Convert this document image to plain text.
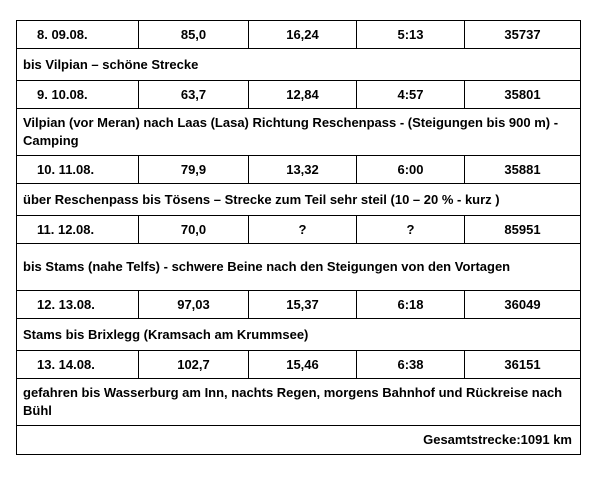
8. 09.08.	85,0	16,24	5:13	35737
bis Vilpian – schöne Strecke				
9. 10.08.	63,7	12,84	4:57	35801
Vilpian (vor Meran) nach Laas (Lasa) Richtung Reschenpass - (Steigungen bis 900 m) - Camping				
10. 11.08.	79,9	13,32	6:00	35881
über Reschenpass bis Tösens – Strecke zum Teil sehr steil (10 – 20 % - kurz )				
11. 12.08.	70,0	?	?	85951
bis Stams (nahe Telfs) - schwere Beine nach den Steigungen von den Vortagen				
12. 13.08.	97,03	15,37	6:18	36049
Stams bis Brixlegg (Kramsach am Krummsee)				
13. 14.08.	102,7	15,46	6:38	36151
gefahren bis Wasserburg am Inn, nachts Regen, morgens Bahnhof und Rückreise nach Bühl				
Gesamtstrecke:1091 km				
